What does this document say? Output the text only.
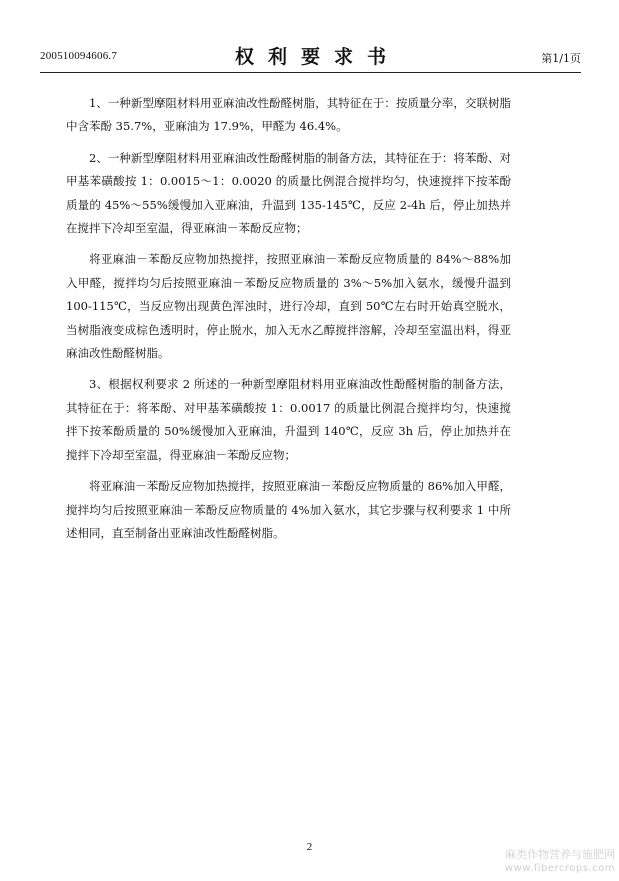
200510094606.7	权利要求书	第1/1页

1、一种新型摩阻材料用亚麻油改性酚醛树脂，其特征在于：按质量分率，交联树脂中含苯酚 35.7%，亚麻油为 17.9%，甲醛为 46.4%。

2、一种新型摩阻材料用亚麻油改性酚醛树脂的制备方法，其特征在于：将苯酚、对甲基苯磺酸按 1：0.0015～1：0.0020 的质量比例混合搅拌均匀，快速搅拌下按苯酚质量的 45%～55%缓慢加入亚麻油，升温到 135-145℃，反应 2-4h 后，停止加热并在搅拌下冷却至室温，得亚麻油－苯酚反应物；

将亚麻油－苯酚反应物加热搅拌，按照亚麻油－苯酚反应物质量的 84%～88%加入甲醛，搅拌均匀后按照亚麻油－苯酚反应物质量的 3%～5%加入氨水，缓慢升温到 100-115℃，当反应物出现黄色浑浊时，进行冷却，直到 50℃左右时开始真空脱水，当树脂液变成棕色透明时，停止脱水，加入无水乙醇搅拌溶解，冷却至室温出料，得亚麻油改性酚醛树脂。

3、根据权利要求 2 所述的一种新型摩阻材料用亚麻油改性酚醛树脂的制备方法，其特征在于：将苯酚、对甲基苯磺酸按 1：0.0017 的质量比例混合搅拌均匀，快速搅拌下按苯酚质量的 50%缓慢加入亚麻油，升温到 140℃，反应 3h 后，停止加热并在搅拌下冷却至室温，得亚麻油－苯酚反应物；

将亚麻油－苯酚反应物加热搅拌，按照亚麻油－苯酚反应物质量的 86%加入甲醛，搅拌均匀后按照亚麻油－苯酚反应物质量的 4%加入氨水，其它步骤与权利要求 1 中所述相同，直至制备出亚麻油改性酚醛树脂。

2
麻类作物营养与施肥网
www.fibercrops.com
